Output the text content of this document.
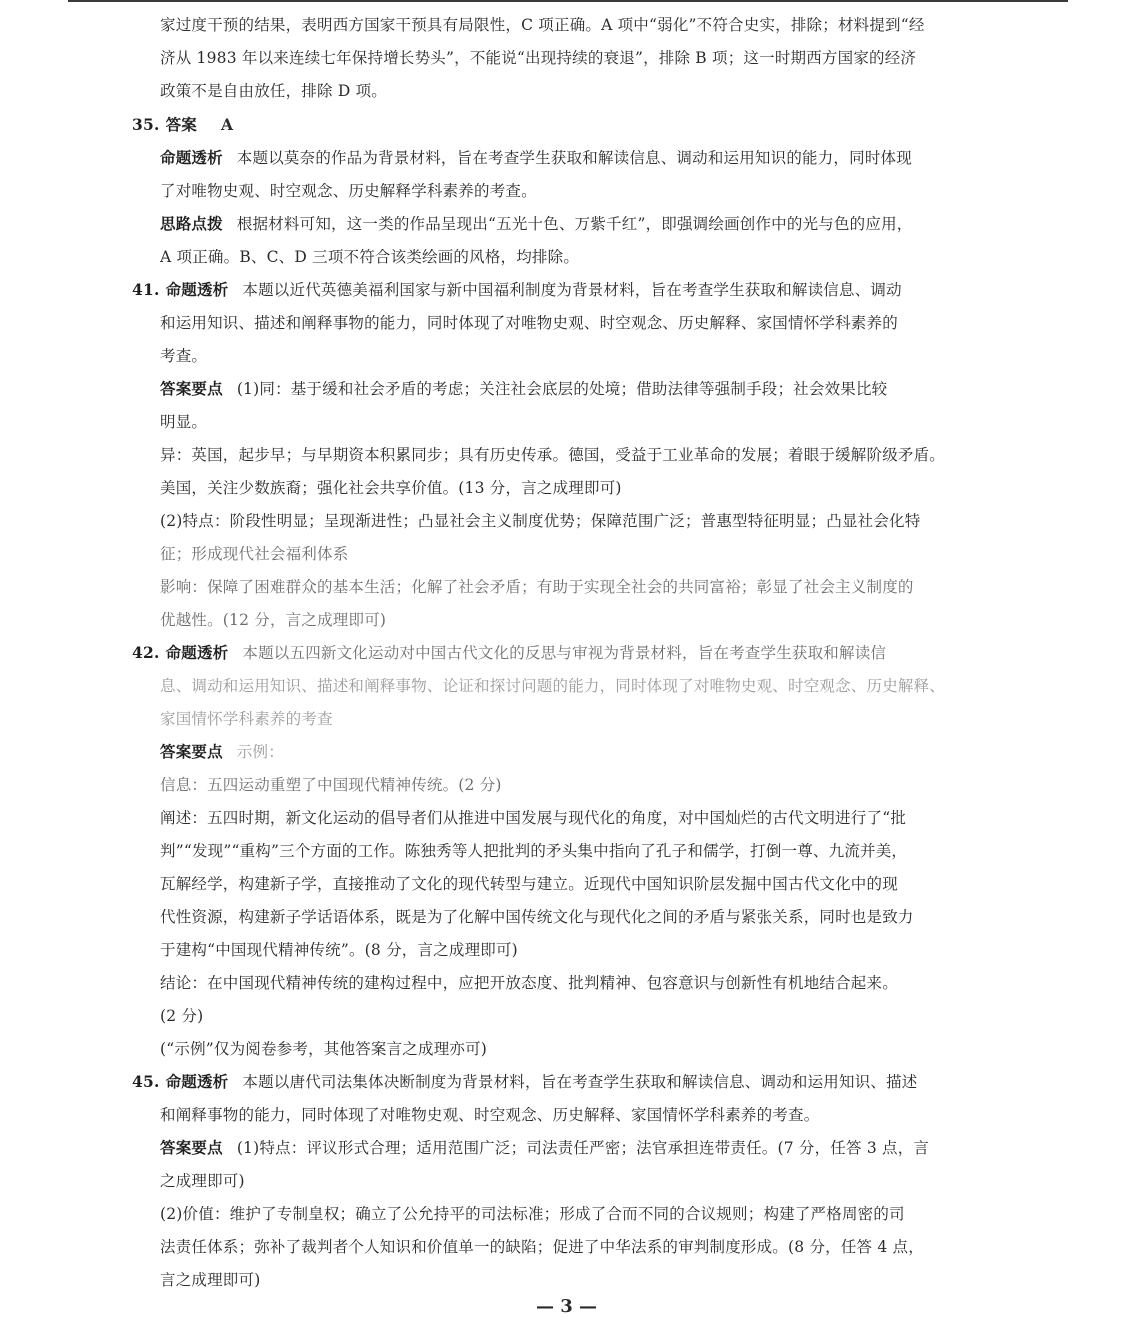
家过度干预的结果，表明西方国家干预具有局限性，C 项正确。A 项中“弱化”不符合史实，排除；材料提到“经
济从 1983 年以来连续七年保持增长势头”，不能说“出现持续的衰退”，排除 B 项；这一时期西方国家的经济
政策不是自由放任，排除 D 项。
35. 答案 A
命题透析 本题以莫奈的作品为背景材料，旨在考查学生获取和解读信息、调动和运用知识的能力，同时体现
了对唯物史观、时空观念、历史解释学科素养的考查。
思路点拨 根据材料可知，这一类的作品呈现出“五光十色、万紫千红”，即强调绘画创作中的光与色的应用，
A 项正确。B、C、D 三项不符合该类绘画的风格，均排除。
41. 命题透析 本题以近代英德美福利国家与新中国福利制度为背景材料，旨在考查学生获取和解读信息、调动
和运用知识、描述和阐释事物的能力，同时体现了对唯物史观、时空观念、历史解释、家国情怀学科素养的
考查。
答案要点 (1)同：基于缓和社会矛盾的考虑；关注社会底层的处境；借助法律等强制手段；社会效果比较
明显。
异：英国，起步早；与早期资本积累同步；具有历史传承。德国，受益于工业革命的发展；着眼于缓解阶级矛盾。
美国，关注少数族裔；强化社会共享价值。(13 分，言之成理即可)
(2)特点：阶段性明显；呈现渐进性；凸显社会主义制度优势；保障范围广泛；普惠型特征明显；凸显社会化特
征；形成现代社会福利体系
影响：保障了困难群众的基本生活；化解了社会矛盾；有助于实现全社会的共同富裕；彰显了社会主义制度的
优越性。(12 分，言之成理即可)
42. 命题透析 本题以五四新文化运动对中国古代文化的反思与审视为背景材料，旨在考查学生获取和解读信
息、调动和运用知识、描述和阐释事物、论证和探讨问题的能力，同时体现了对唯物史观、时空观念、历史解释、
家国情怀学科素养的考查
答案要点 示例：
信息：五四运动重塑了中国现代精神传统。(2 分)
阐述：五四时期，新文化运动的倡导者们从推进中国发展与现代化的角度，对中国灿烂的古代文明进行了“批
判”“发现”“重构”三个方面的工作。陈独秀等人把批判的矛头集中指向了孔子和儒学，打倒一尊、九流并美，
瓦解经学，构建新子学，直接推动了文化的现代转型与建立。近现代中国知识阶层发掘中国古代文化中的现
代性资源，构建新子学话语体系，既是为了化解中国传统文化与现代化之间的矛盾与紧张关系，同时也是致力
于建构“中国现代精神传统”。(8 分，言之成理即可)
结论：在中国现代精神传统的建构过程中，应把开放态度、批判精神、包容意识与创新性有机地结合起来。
(2 分)
(“示例”仅为阅卷参考，其他答案言之成理亦可)
45. 命题透析 本题以唐代司法集体决断制度为背景材料，旨在考查学生获取和解读信息、调动和运用知识、描述
和阐释事物的能力，同时体现了对唯物史观、时空观念、历史解释、家国情怀学科素养的考查。
答案要点 (1)特点：评议形式合理；适用范围广泛；司法责任严密；法官承担连带责任。(7 分，任答 3 点，言
之成理即可)
(2)价值：维护了专制皇权；确立了公允持平的司法标准；形成了合而不同的合议规则；构建了严格周密的司
法责任体系；弥补了裁判者个人知识和价值单一的缺陷；促进了中华法系的审判制度形成。(8 分，任答 4 点，
言之成理即可)
— 3 —
